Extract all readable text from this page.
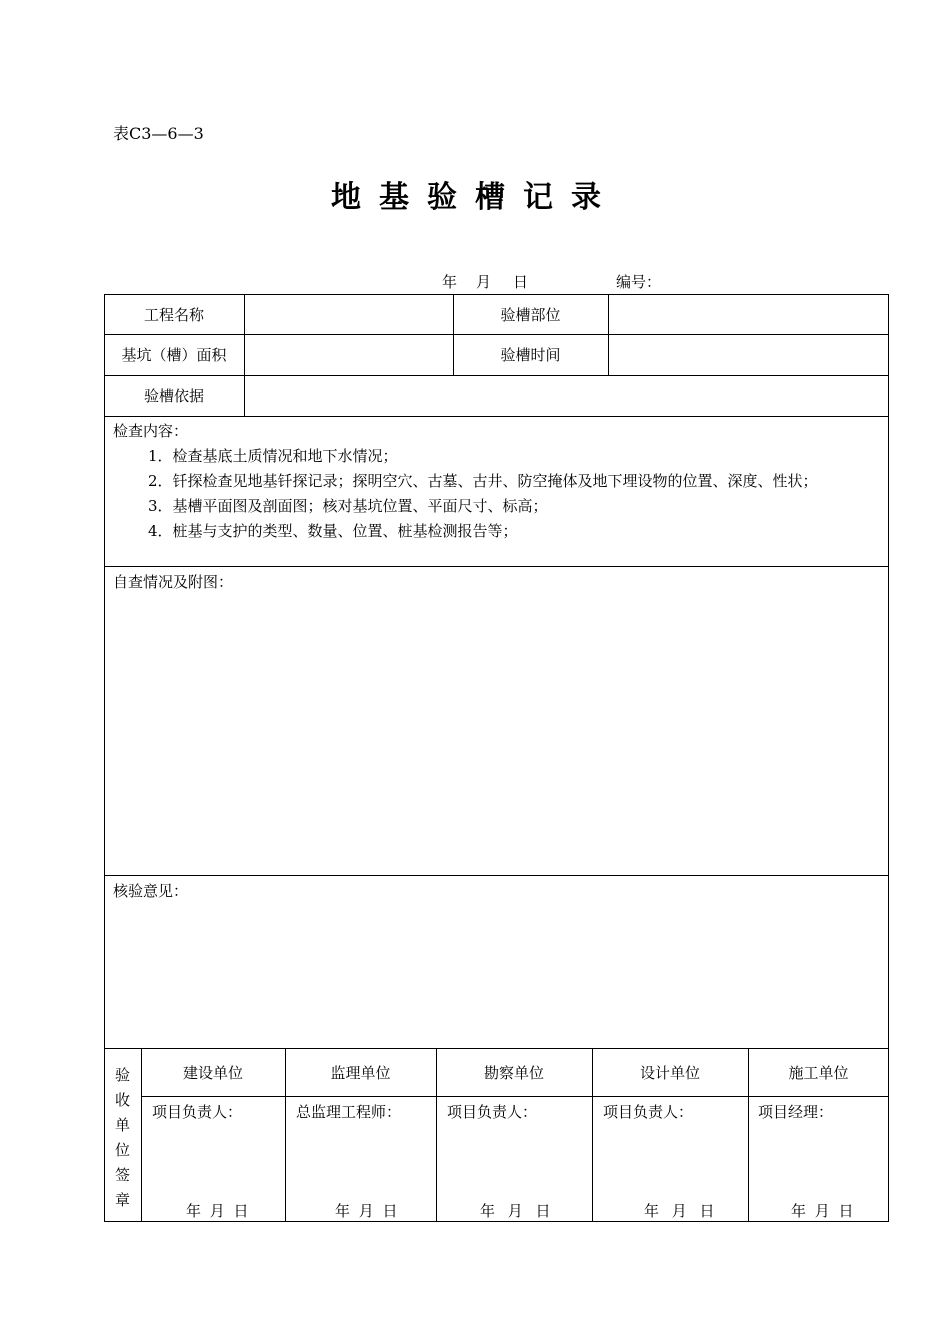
表C3—6—3
地基验槽记录
年 月 日	编号：
工程名称	验槽部位
基坑（槽）面积	验槽时间
验槽依据
检查内容：
1．检查基底土质情况和地下水情况；
2．钎探检查见地基钎探记录；探明空穴、古墓、古井、防空掩体及地下埋设物的位置、深度、性状；
3．基槽平面图及剖面图；核对基坑位置、平面尺寸、标高；
4．桩基与支护的类型、数量、位置、桩基检测报告等；
自查情况及附图：
核验意见：
验
收
单
位
签
章
建设单位	监理单位	勘察单位	设计单位	施工单位
项目负责人：	总监理工程师：	项目负责人：	项目负责人：	项目经理：
年 月 日	年 月 日	年 月 日	年 月 日	年 月 日
